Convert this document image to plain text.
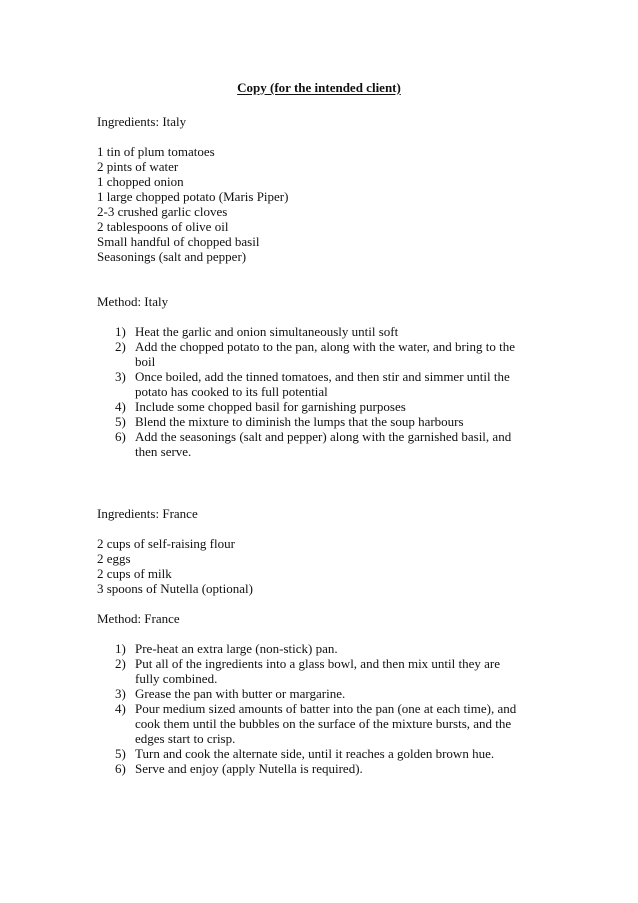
Copy (for the intended client)
Ingredients: Italy
1 tin of plum tomatoes
2 pints of water
1 chopped onion
1 large chopped potato (Maris Piper)
2-3 crushed garlic cloves
2 tablespoons of olive oil
Small handful of chopped basil
Seasonings (salt and pepper)
Method: Italy
1) Heat the garlic and onion simultaneously until soft
2) Add the chopped potato to the pan, along with the water, and bring to the
boil
3) Once boiled, add the tinned tomatoes, and then stir and simmer until the
potato has cooked to its full potential
4) Include some chopped basil for garnishing purposes
5) Blend the mixture to diminish the lumps that the soup harbours
6) Add the seasonings (salt and pepper) along with the garnished basil, and
then serve.
Ingredients: France
2 cups of self-raising flour
2 eggs
2 cups of milk
3 spoons of Nutella (optional)
Method: France
1) Pre-heat an extra large (non-stick) pan.
2) Put all of the ingredients into a glass bowl, and then mix until they are
fully combined.
3) Grease the pan with butter or margarine.
4) Pour medium sized amounts of batter into the pan (one at each time), and
cook them until the bubbles on the surface of the mixture bursts, and the
edges start to crisp.
5) Turn and cook the alternate side, until it reaches a golden brown hue.
6) Serve and enjoy (apply Nutella is required).
